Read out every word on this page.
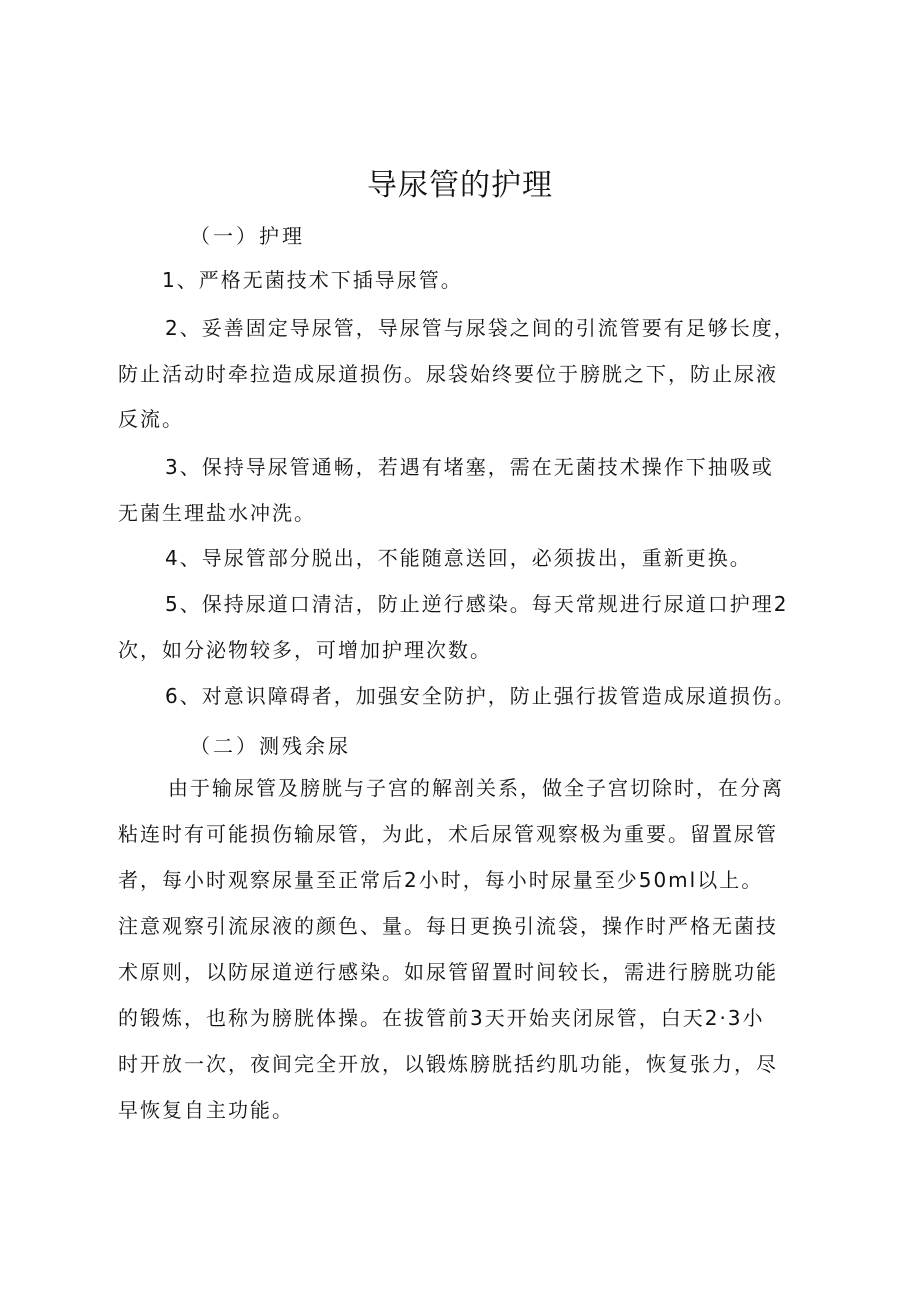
导尿管的护理
（一）护理
1、严格无菌技术下插导尿管。
2、妥善固定导尿管，导尿管与尿袋之间的引流管要有足够长度，
防止活动时牵拉造成尿道损伤。尿袋始终要位于膀胱之下，防止尿液
反流。
3、保持导尿管通畅，若遇有堵塞，需在无菌技术操作下抽吸或
无菌生理盐水冲洗。
4、导尿管部分脱出，不能随意送回，必须拔出，重新更换。
5、保持尿道口清洁，防止逆行感染。每天常规进行尿道口护理2
次，如分泌物较多，可增加护理次数。
6、对意识障碍者，加强安全防护，防止强行拔管造成尿道损伤。
（二）测残余尿
由于输尿管及膀胱与子宫的解剖关系，做全子宫切除时，在分离
粘连时有可能损伤输尿管，为此，术后尿管观察极为重要。留置尿管
者，每小时观察尿量至正常后2小时，每小时尿量至少50ml以上。
注意观察引流尿液的颜色、量。每日更换引流袋，操作时严格无菌技
术原则，以防尿道逆行感染。如尿管留置时间较长，需进行膀胱功能
的锻炼，也称为膀胱体操。在拔管前3天开始夹闭尿管，白天2·3小
时开放一次，夜间完全开放，以锻炼膀胱括约肌功能，恢复张力，尽
早恢复自主功能。
